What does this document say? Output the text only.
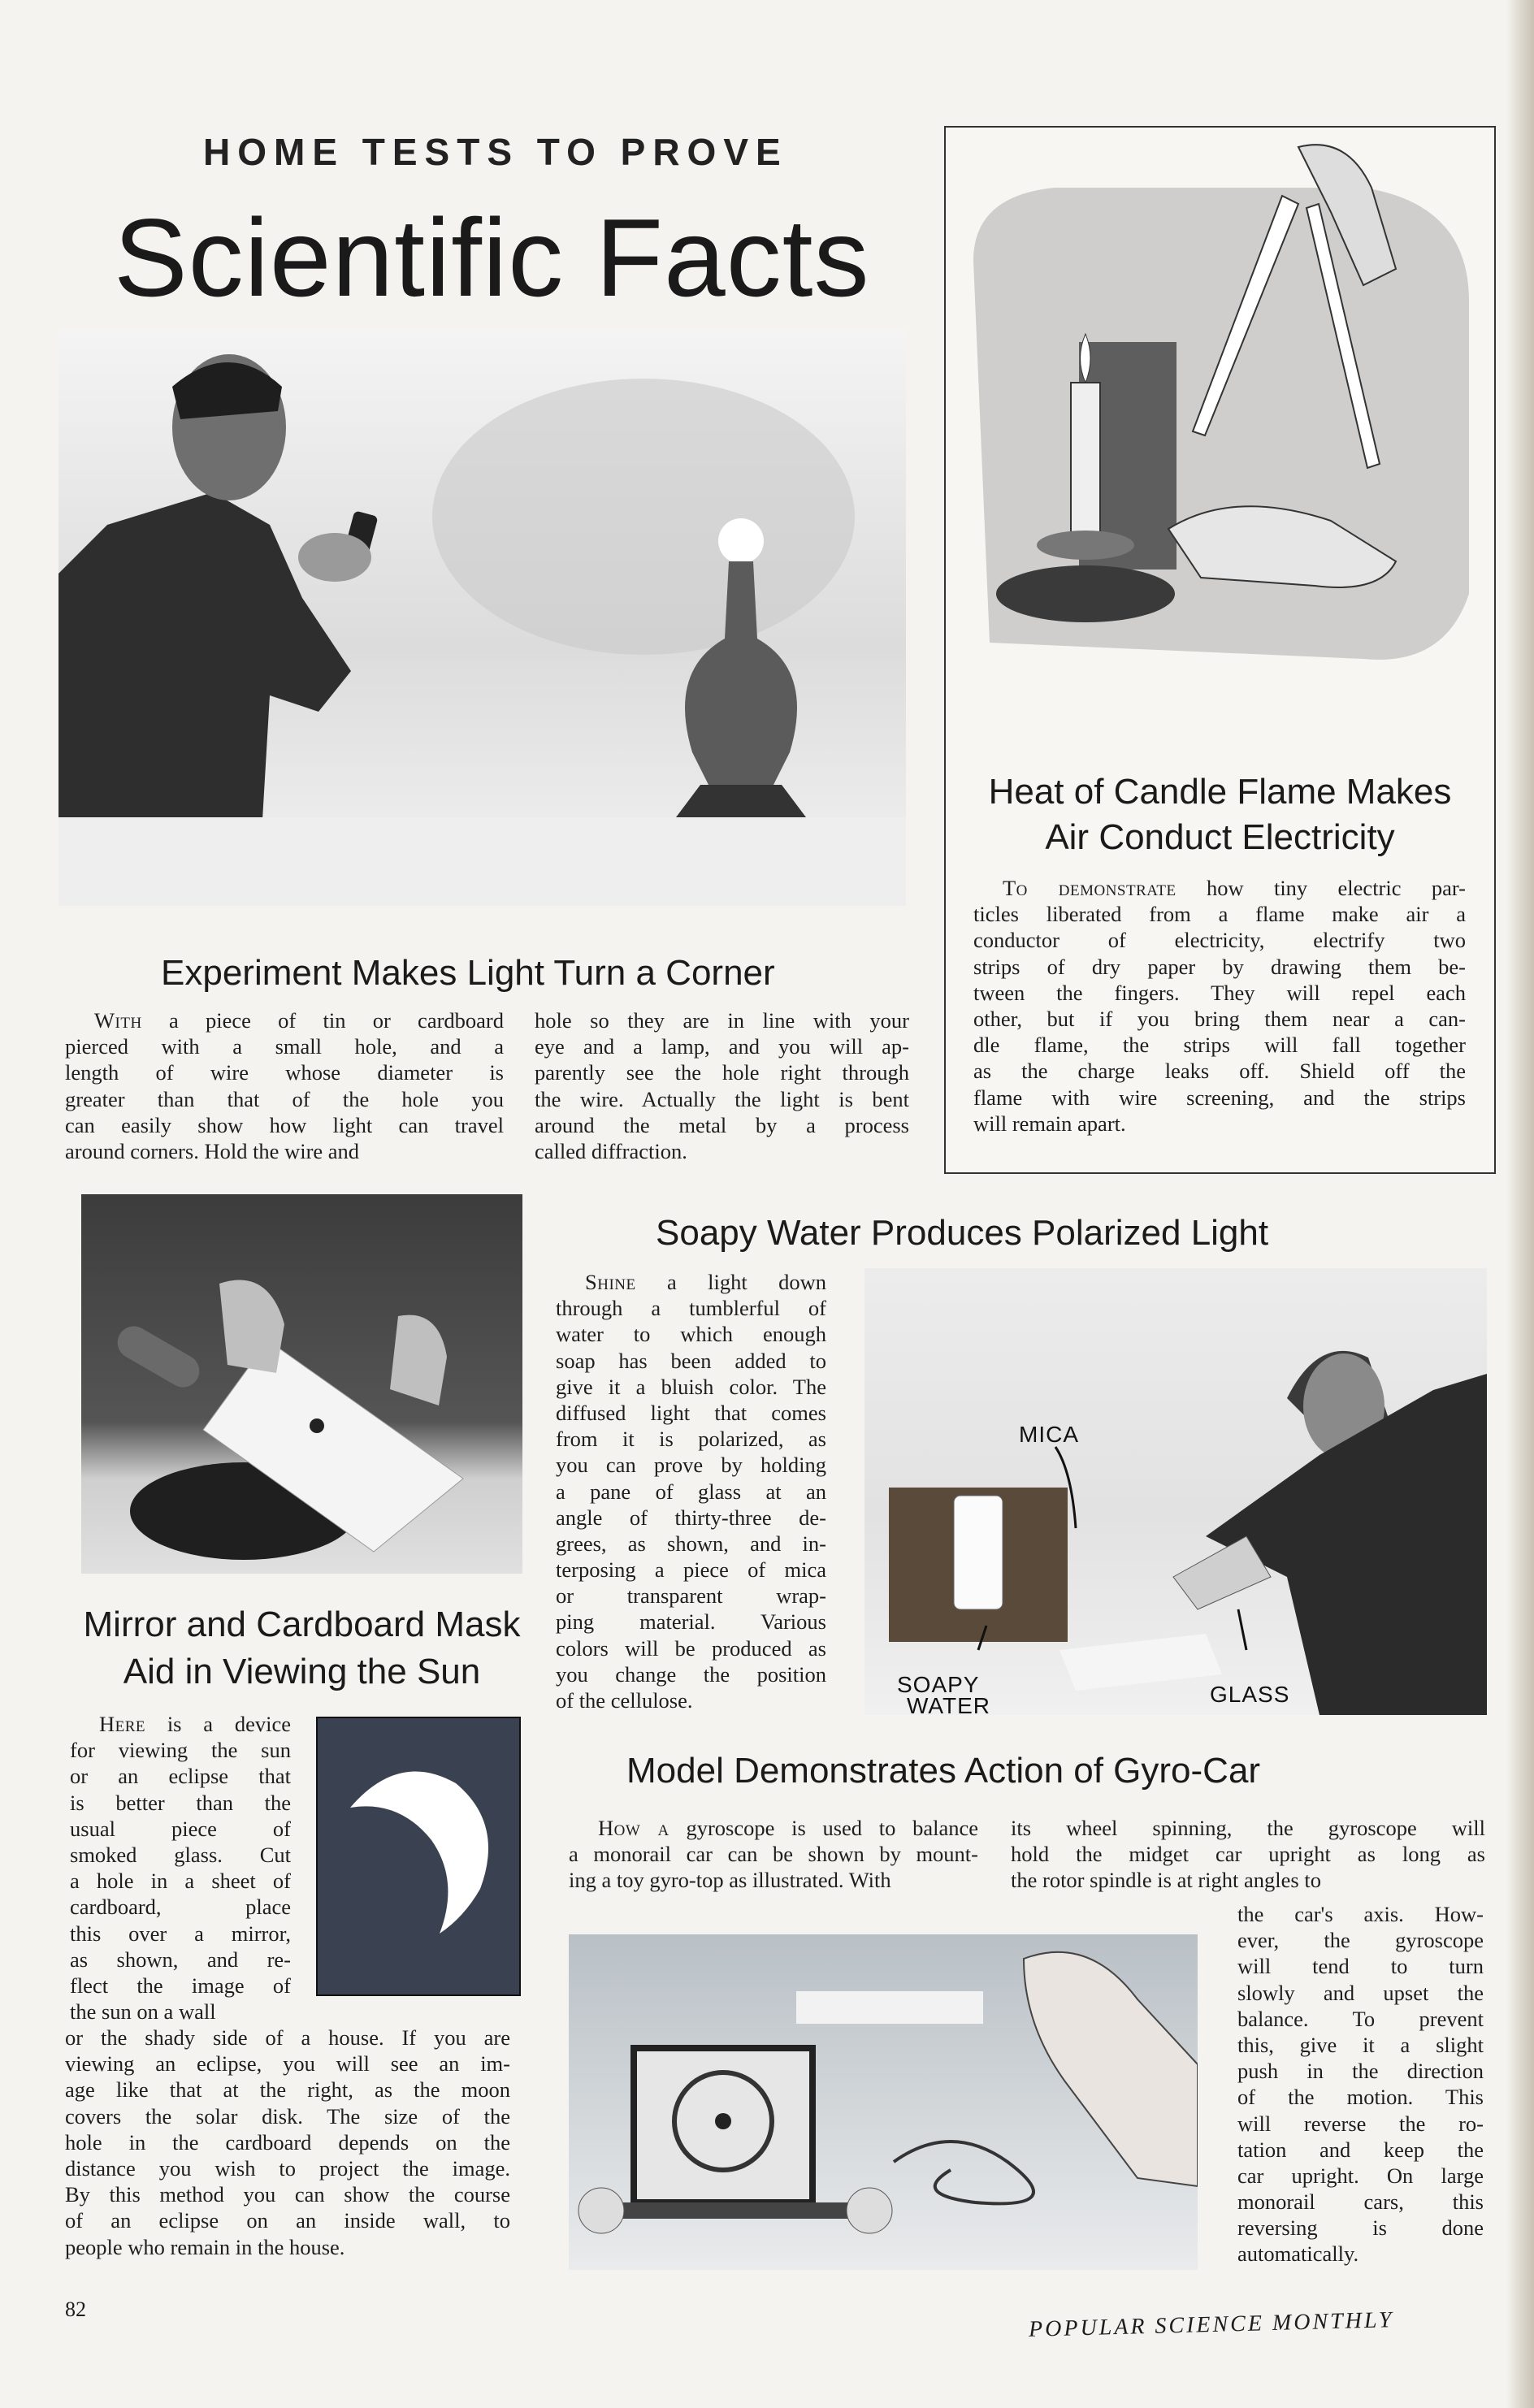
HOME TESTS TO PROVE
Scientific Facts
Heat of Candle Flame Makes
Air Conduct Electricity
To demonstrate how tiny electric par-
ticles liberated from a flame make air a
conductor of electricity, electrify two
strips of dry paper by drawing them be-
tween the fingers. They will repel each
other, but if you bring them near a can-
dle flame, the strips will fall together
as the charge leaks off. Shield off the
flame with wire screening, and the strips
will remain apart.
Experiment Makes Light Turn a Corner
With a piece of tin or cardboard
pierced with a small hole, and a
length of wire whose diameter is
greater than that of the hole you
can easily show how light can travel
around corners. Hold the wire and
hole so they are in line with your
eye and a lamp, and you will ap-
parently see the hole right through
the wire. Actually the light is bent
around the metal by a process
called diffraction.
Soapy Water Produces Polarized Light
Shine a light down
through a tumblerful of
water to which enough
soap has been added to
give it a bluish color. The
diffused light that comes
from it is polarized, as
you can prove by holding
a pane of glass at an
angle of thirty-three de-
grees, as shown, and in-
terposing a piece of mica
or transparent wrap-
ping material. Various
colors will be produced as
you change the position
of the cellulose.
MICA
SOAPY
WATER	GLASS
Mirror and Cardboard Mask
Aid in Viewing the Sun
Here is a device
for viewing the sun
or an eclipse that
is better than the
usual piece of
smoked glass. Cut
a hole in a sheet of
cardboard, place
this over a mirror,
as shown, and re-
flect the image of
the sun on a wall
or the shady side of a house. If you are
viewing an eclipse, you will see an im-
age like that at the right, as the moon
covers the solar disk. The size of the
hole in the cardboard depends on the
distance you wish to project the image.
By this method you can show the course
of an eclipse on an inside wall, to
people who remain in the house.
Model Demonstrates Action of Gyro-Car
How a gyroscope is used to balance
a monorail car can be shown by mount-
ing a toy gyro-top as illustrated. With
its wheel spinning, the gyroscope will
hold the midget car upright as long as
the rotor spindle is at right angles to
the car's axis. How-
ever, the gyroscope
will tend to turn
slowly and upset the
balance. To prevent
this, give it a slight
push in the direction
of the motion. This
will reverse the ro-
tation and keep the
car upright. On large
monorail cars, this
reversing is done
automatically.
82	POPULAR SCIENCE MONTHLY
